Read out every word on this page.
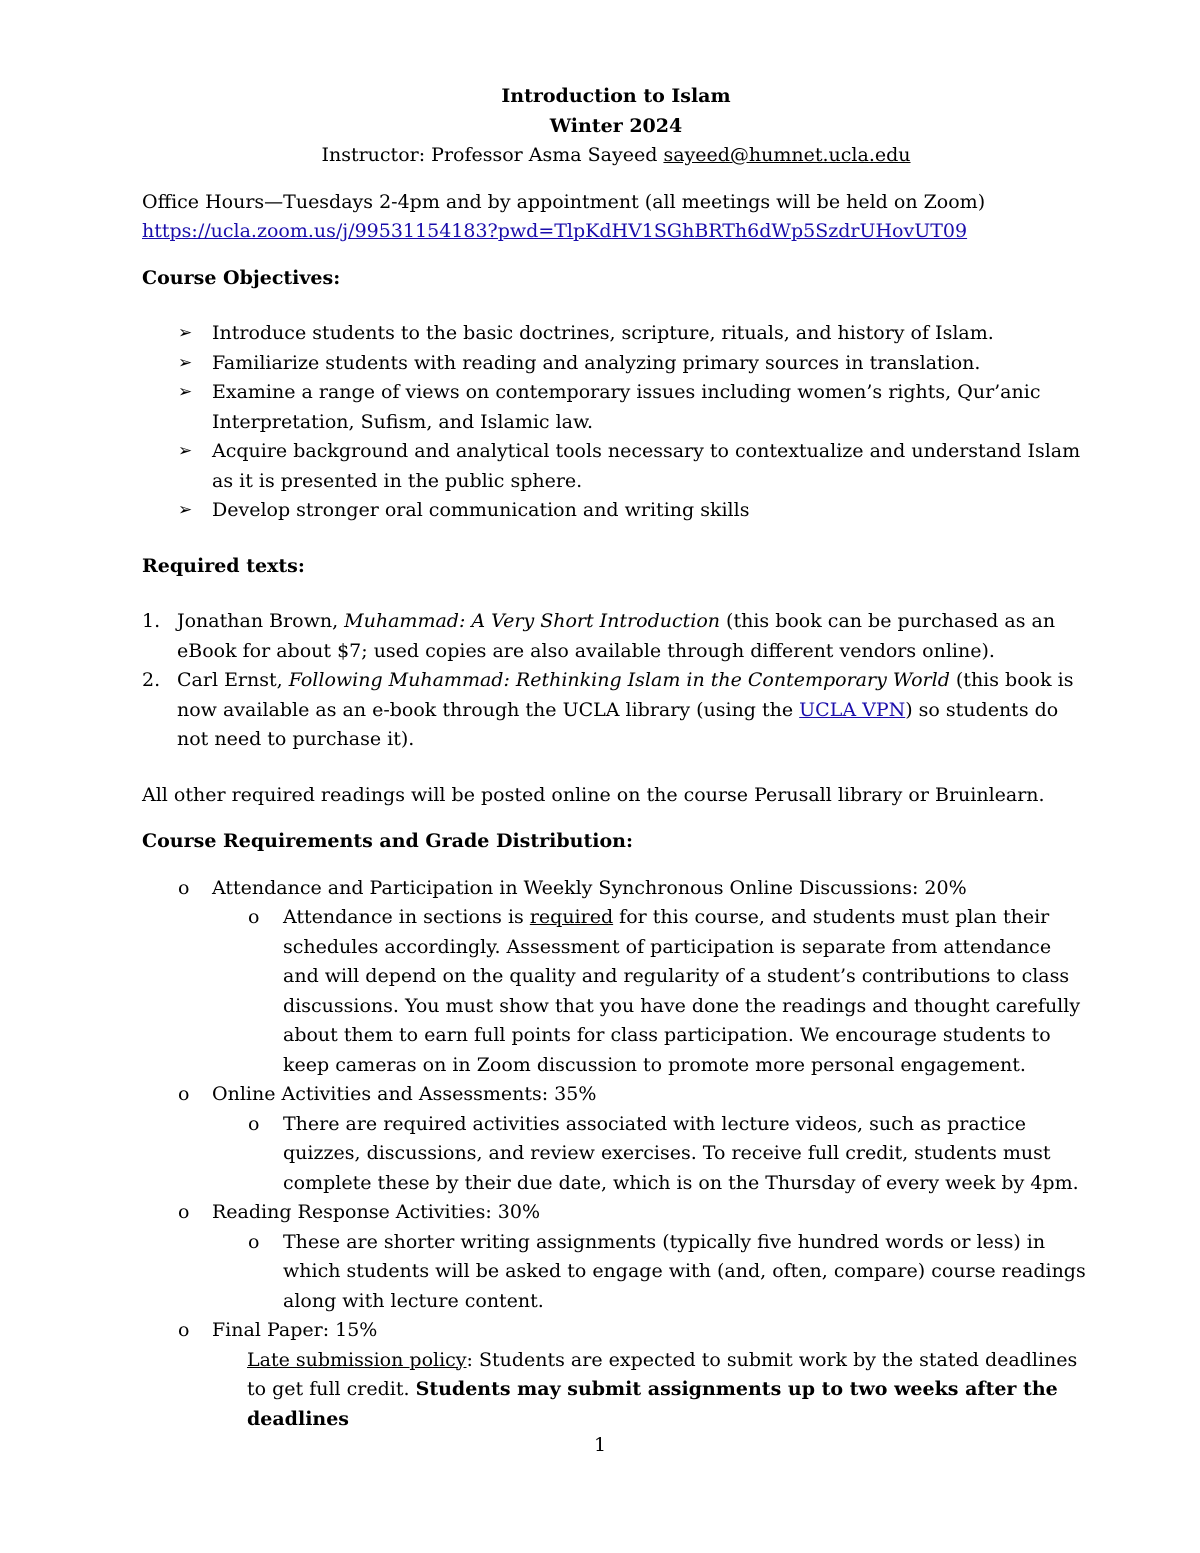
Introduction to Islam

Winter 2024

Instructor: Professor Asma Sayeed sayeed@humnet.ucla.edu

Office Hours—Tuesdays 2-4pm and by appointment (all meetings will be held on Zoom)

https://ucla.zoom.us/j/99531154183?pwd=TlpKdHV1SGhBRTh6dWp5SzdrUHovUT09

Course Objectives:

➢ Introduce students to the basic doctrines, scripture, rituals, and history of Islam.
➢ Familiarize students with reading and analyzing primary sources in translation.
➢ Examine a range of views on contemporary issues including women’s rights, Qur’anic Interpretation, Sufism, and Islamic law.
➢ Acquire background and analytical tools necessary to contextualize and understand Islam as it is presented in the public sphere.
➢ Develop stronger oral communication and writing skills

Required texts:

1. Jonathan Brown, Muhammad: A Very Short Introduction (this book can be purchased as an eBook for about $7; used copies are also available through different vendors online).
2. Carl Ernst, Following Muhammad: Rethinking Islam in the Contemporary World (this book is now available as an e-book through the UCLA library (using the UCLA VPN) so students do not need to purchase it).

All other required readings will be posted online on the course Perusall library or Bruinlearn.

Course Requirements and Grade Distribution:

o Attendance and Participation in Weekly Synchronous Online Discussions: 20%
o Attendance in sections is required for this course, and students must plan their schedules accordingly. Assessment of participation is separate from attendance and will depend on the quality and regularity of a student’s contributions to class discussions. You must show that you have done the readings and thought carefully about them to earn full points for class participation. We encourage students to keep cameras on in Zoom discussion to promote more personal engagement.
o Online Activities and Assessments: 35%
o There are required activities associated with lecture videos, such as practice quizzes, discussions, and review exercises. To receive full credit, students must complete these by their due date, which is on the Thursday of every week by 4pm.
o Reading Response Activities: 30%
o These are shorter writing assignments (typically five hundred words or less) in which students will be asked to engage with (and, often, compare) course readings along with lecture content.
o Final Paper: 15%

Late submission policy: Students are expected to submit work by the stated deadlines to get full credit. Students may submit assignments up to two weeks after the deadlines

1
